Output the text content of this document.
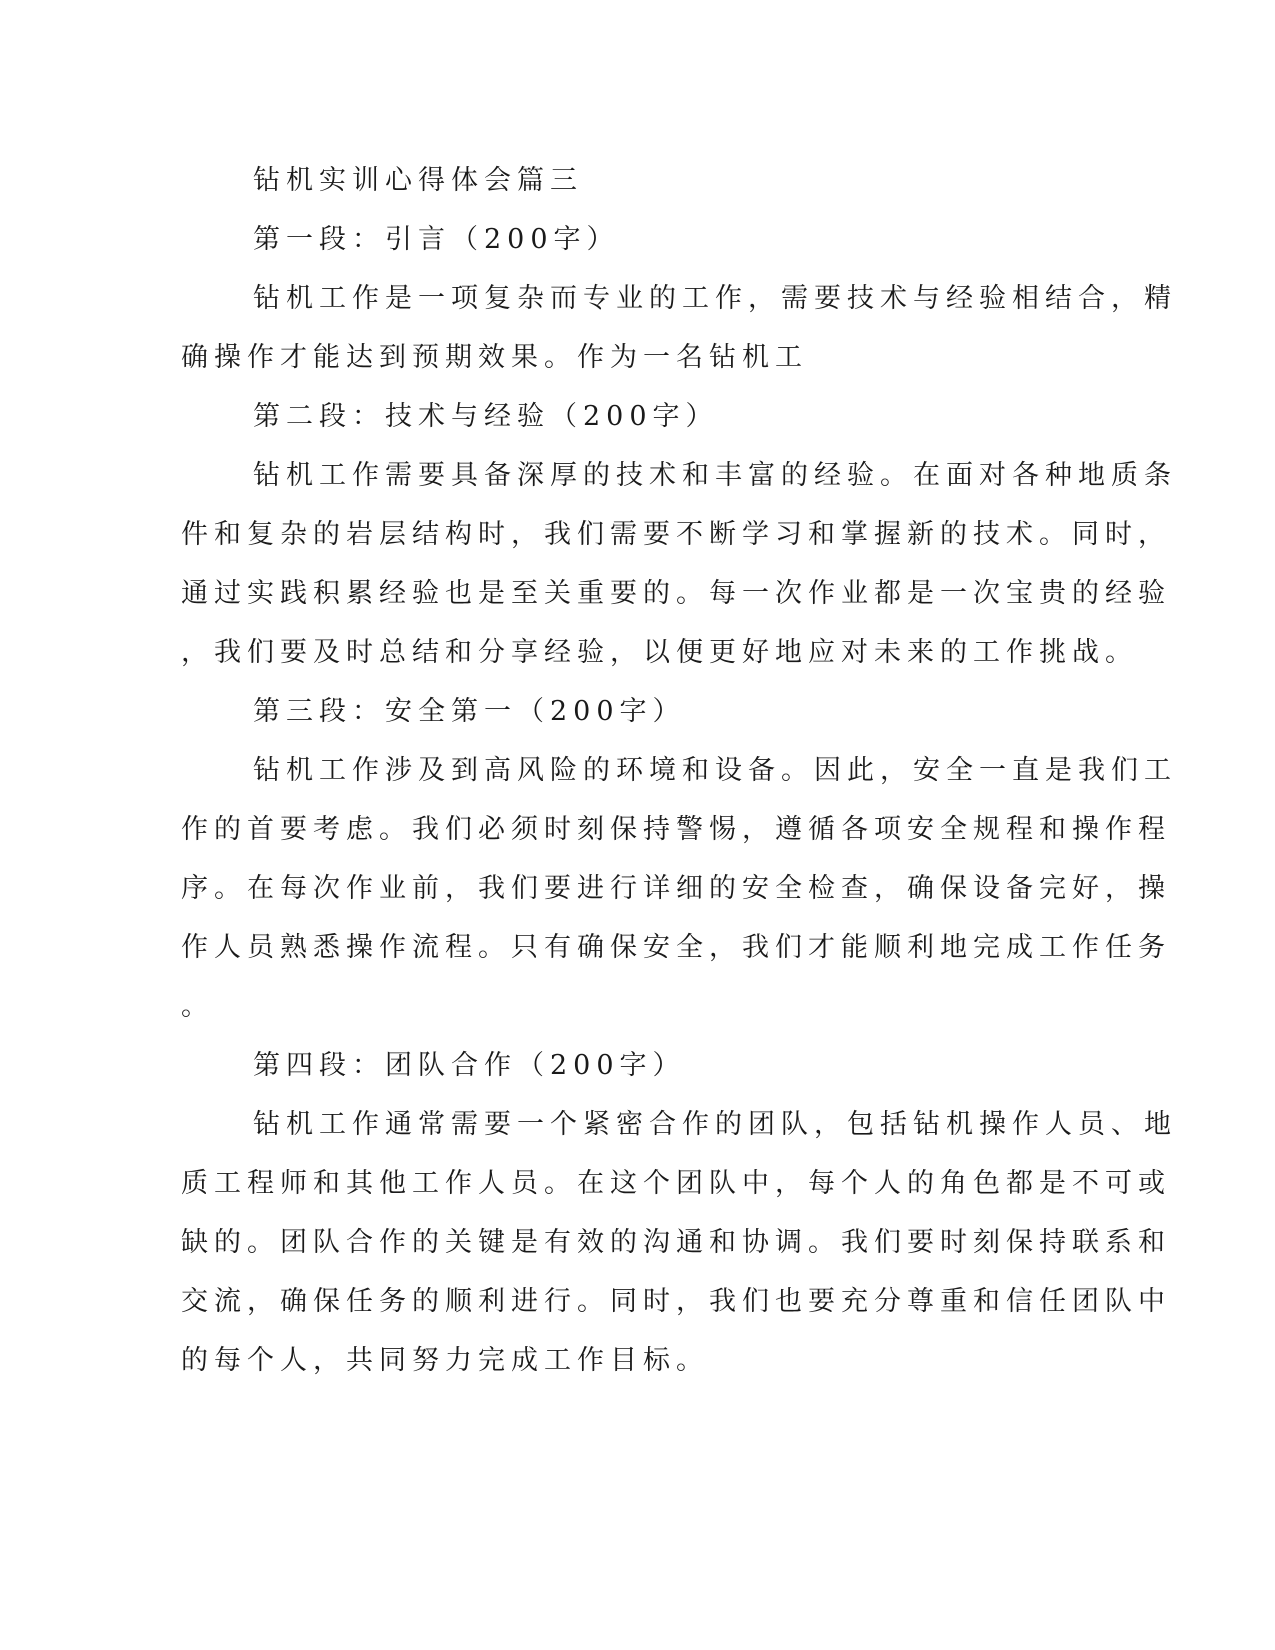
钻机实训心得体会篇三
第一段：引言（200字）
钻机工作是一项复杂而专业的工作，需要技术与经验相结合，精
确操作才能达到预期效果。作为一名钻机工
第二段：技术与经验（200字）
钻机工作需要具备深厚的技术和丰富的经验。在面对各种地质条
件和复杂的岩层结构时，我们需要不断学习和掌握新的技术。同时，
通过实践积累经验也是至关重要的。每一次作业都是一次宝贵的经验
，我们要及时总结和分享经验，以便更好地应对未来的工作挑战。
第三段：安全第一（200字）
钻机工作涉及到高风险的环境和设备。因此，安全一直是我们工
作的首要考虑。我们必须时刻保持警惕，遵循各项安全规程和操作程
序。在每次作业前，我们要进行详细的安全检查，确保设备完好，操
作人员熟悉操作流程。只有确保安全，我们才能顺利地完成工作任务
。
第四段：团队合作（200字）
钻机工作通常需要一个紧密合作的团队，包括钻机操作人员、地
质工程师和其他工作人员。在这个团队中，每个人的角色都是不可或
缺的。团队合作的关键是有效的沟通和协调。我们要时刻保持联系和
交流，确保任务的顺利进行。同时，我们也要充分尊重和信任团队中
的每个人，共同努力完成工作目标。
